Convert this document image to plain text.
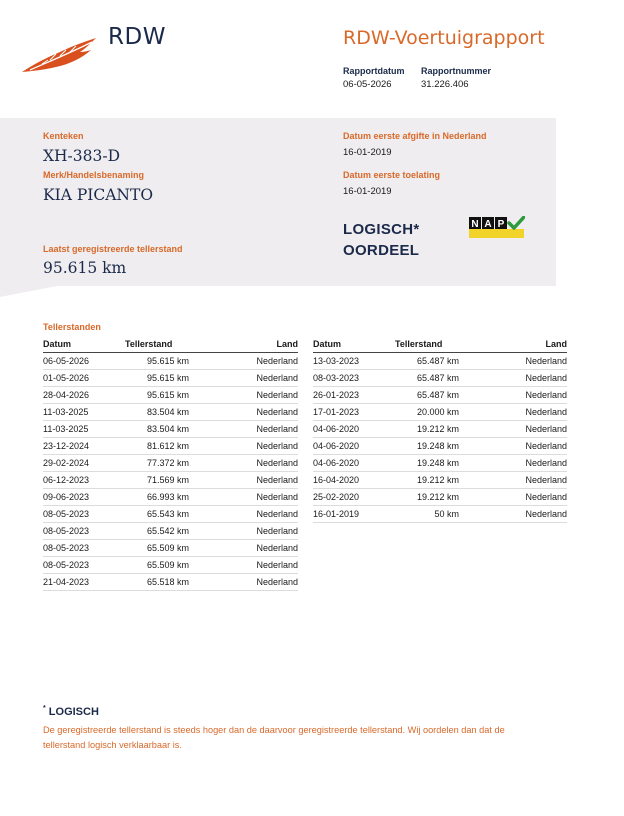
RDW	RDW-Voertuigrapport
Rapportdatum
06-05-2026
Rapportnummer
31.226.406
Kenteken
XH-383-D
Merk/Handelsbenaming
KIA PICANTO
Laatst geregistreerde tellerstand
95.615 km
Datum eerste afgifte in Nederland
16-01-2019
Datum eerste toelating
16-01-2019
LOGISCH*
OORDEEL
N A P
Tellerstanden
Datum	Tellerstand	Land
06-05-2026	95.615 km	Nederland
01-05-2026	95.615 km	Nederland
28-04-2026	95.615 km	Nederland
11-03-2025	83.504 km	Nederland
11-03-2025	83.504 km	Nederland
23-12-2024	81.612 km	Nederland
29-02-2024	77.372 km	Nederland
06-12-2023	71.569 km	Nederland
09-06-2023	66.993 km	Nederland
08-05-2023	65.543 km	Nederland
08-05-2023	65.542 km	Nederland
08-05-2023	65.509 km	Nederland
08-05-2023	65.509 km	Nederland
21-04-2023	65.518 km	Nederland
Datum	Tellerstand	Land
13-03-2023	65.487 km	Nederland
08-03-2023	65.487 km	Nederland
26-01-2023	65.487 km	Nederland
17-01-2023	20.000 km	Nederland
04-06-2020	19.212 km	Nederland
04-06-2020	19.248 km	Nederland
04-06-2020	19.248 km	Nederland
16-04-2020	19.212 km	Nederland
25-02-2020	19.212 km	Nederland
16-01-2019	50 km	Nederland
* LOGISCH
De geregistreerde tellerstand is steeds hoger dan de daarvoor geregistreerde tellerstand. Wij oordelen dan dat de tellerstand logisch verklaarbaar is.
